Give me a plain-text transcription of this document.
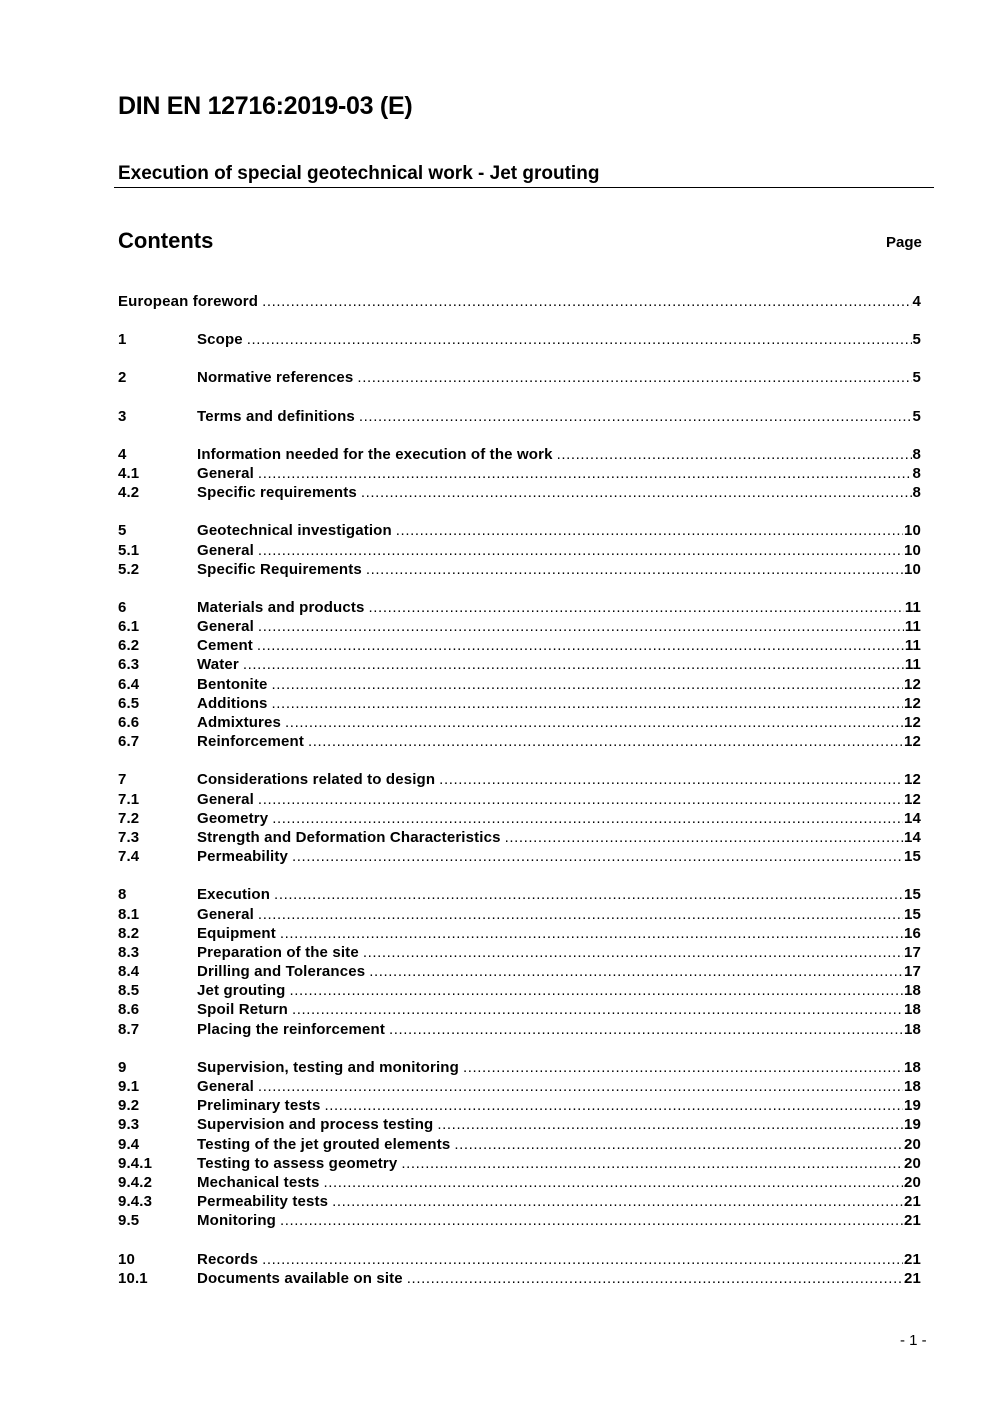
DIN EN 12716:2019-03 (E)
Execution of special geotechnical work - Jet grouting
Contents	Page
European foreword .....	4
1	Scope .....	5
2	Normative references .....	5
3	Terms and definitions .....	5
4	Information needed for the execution of the work .....	8
4.1	General .....	8
4.2	Specific requirements .....	8
5	Geotechnical investigation .....	10
5.1	General .....	10
5.2	Specific Requirements .....	10
6	Materials and products .....	11
6.1	General .....	11
6.2	Cement .....	11
6.3	Water .....	11
6.4	Bentonite .....	12
6.5	Additions .....	12
6.6	Admixtures .....	12
6.7	Reinforcement .....	12
7	Considerations related to design .....	12
7.1	General .....	12
7.2	Geometry .....	14
7.3	Strength and Deformation Characteristics .....	14
7.4	Permeability .....	15
8	Execution .....	15
8.1	General .....	15
8.2	Equipment .....	16
8.3	Preparation of the site .....	17
8.4	Drilling and Tolerances .....	17
8.5	Jet grouting .....	18
8.6	Spoil Return .....	18
8.7	Placing the reinforcement .....	18
9	Supervision, testing and monitoring .....	18
9.1	General .....	18
9.2	Preliminary tests .....	19
9.3	Supervision and process testing .....	19
9.4	Testing of the jet grouted elements .....	20
9.4.1	Testing to assess geometry .....	20
9.4.2	Mechanical tests .....	20
9.4.3	Permeability tests .....	21
9.5	Monitoring .....	21
10	Records .....	21
10.1	Documents available on site .....	21
- 1 -
